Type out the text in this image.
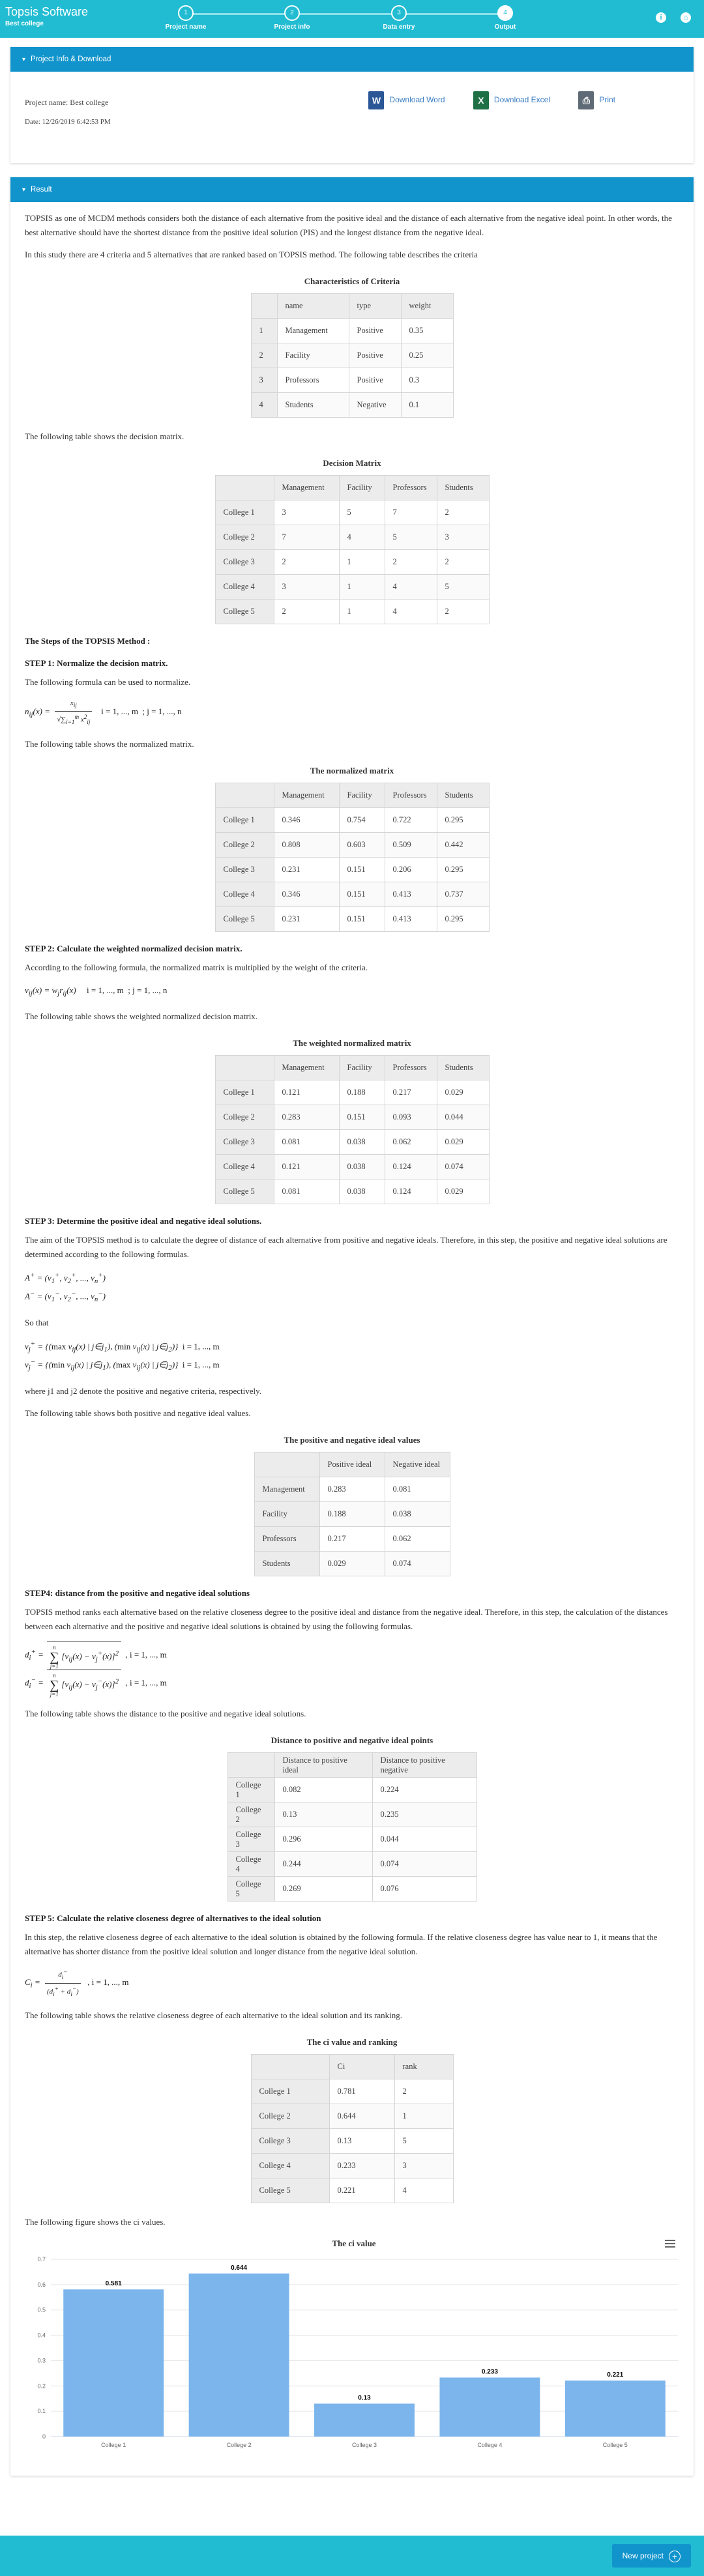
Topsis Software
Best college
1
Project name
2
Project info
3
Data entry
4
Output
i	⌂
▾ Project Info & Download
Project name: Best college
Date: 12/26/2019 6:42:53 PM
W Download Word	X Download Excel	⎙ Print
▾ Result

TOPSIS as one of MCDM methods considers both the distance of each alternative from the positive ideal and the distance of each alternative from the negative ideal point. In other words, the best alternative should have the shortest distance from the positive ideal solution (PIS) and the longest distance from the negative ideal.

In this study there are 4 criteria and 5 alternatives that are ranked based on TOPSIS method. The following table describes the criteria

Characteristics of Criteria
	name	type	weight
1	Management	Positive	0.35
2	Facility	Positive	0.25
3	Professors	Positive	0.3
4	Students	Negative	0.1

The following table shows the decision matrix.

Decision Matrix
	Management	Facility	Professors	Students
College 1	3	5	7	2
College 2	7	4	5	3
College 3	2	1	2	2
College 4	3	1	4	5
College 5	2	1	4	2
The Steps of the TOPSIS Method :
STEP 1: Normalize the decision matrix.

The following formula can be used to normalize.

$n_{ij}(x) = \frac{x_{ij}}{√\sum_{i=1}^m x^2_{ij}}$ i = 1, ..., m  ; j = 1, ..., n

The following table shows the normalized matrix.

The normalized matrix
	Management	Facility	Professors	Students
College 1	0.346	0.754	0.722	0.295
College 2	0.808	0.603	0.509	0.442
College 3	0.231	0.151	0.206	0.295
College 4	0.346	0.151	0.413	0.737
College 5	0.231	0.151	0.413	0.295
STEP 2: Calculate the weighted normalized decision matrix.

According to the following formula, the normalized matrix is multiplied by the weight of the criteria.

$v_{ij}(x) = w_jr_{ij}(x)$     i = 1, ..., m  ; j = 1, ..., n

The following table shows the weighted normalized decision matrix.

The weighted normalized matrix
	Management	Facility	Professors	Students
College 1	0.121	0.188	0.217	0.029
College 2	0.283	0.151	0.093	0.044
College 3	0.081	0.038	0.062	0.029
College 4	0.121	0.038	0.124	0.074
College 5	0.081	0.038	0.124	0.029
STEP 3: Determine the positive ideal and negative ideal solutions.

The aim of the TOPSIS method is to calculate the degree of distance of each alternative from positive and negative ideals. Therefore, in this step, the positive and negative ideal solutions are determined according to the following formulas.

$A^+ = (v_1^+$, $v_2^+$, ..., $v_n^+$)
$A^- = (v_1^-$, $v_2^-$, ..., $v_n^-$)

So that

$v_j^+ = \{(\max$ $v_{ij}(x)$ | $j\in j_1$), (min $v_{ij}(x)$ | $j\in j_2$)}  i = 1, ..., m
$v_j^- = \{(\min$ $v_{ij}(x)$ | $j\in j_1$), (max $v_{ij}(x)$ | $j\in j_2$)}  i = 1, ..., m

where j1 and j2 denote the positive and negative criteria, respectively.

The following table shows both positive and negative ideal values.

The positive and negative ideal values
	Positive ideal	Negative ideal
Management	0.283	0.081
Facility	0.188	0.038
Professors	0.217	0.062
Students	0.029	0.074
STEP4: distance from the positive and negative ideal solutions

TOPSIS method ranks each alternative based on the relative closeness degree to the positive ideal and distance from the negative ideal. Therefore, in this step, the calculation of the distances between each alternative and the positive and negative ideal solutions is obtained by using the following formulas.

$d_i^+ = n$
∑
$j=1[v_{ij}(x) - v_j^+(x)]^2$  , i = 1, ..., m
$d_i^- = n$
∑
$j=1[v_{ij}(x) - v_j^-(x)]^2$  , i = 1, ..., m

The following table shows the distance to the positive and negative ideal solutions.

Distance to positive and negative ideal points
	Distance to positive ideal	Distance to positive negative
College 1	0.082	0.224
College 2	0.13	0.235
College 3	0.296	0.044
College 4	0.244	0.074
College 5	0.269	0.076
STEP 5: Calculate the relative closeness degree of alternatives to the ideal solution

In this step, the relative closeness degree of each alternative to the ideal solution is obtained by the following formula. If the relative closeness degree has value near to 1, it means that the alternative has shorter distance from the positive ideal solution and longer distance from the negative ideal solution.

$C_i = \frac{d_i^-}{(d_i^+ + d_i^-)}$ , i = 1, ..., m

The following table shows the relative closeness degree of each alternative to the ideal solution and its ranking.

The ci value and ranking
	Ci	rank
College 1	0.781	2
College 2	0.644	1
College 3	0.13	5
College 4	0.233	3
College 5	0.221	4

The following figure shows the ci values.

The ci value
0
0.1
0.2
0.3
0.4
0.5
0.6
0.7
0.581
College 1
0.644
College 2
0.13
College 3
0.233
College 4
0.221
College 5
New project +
